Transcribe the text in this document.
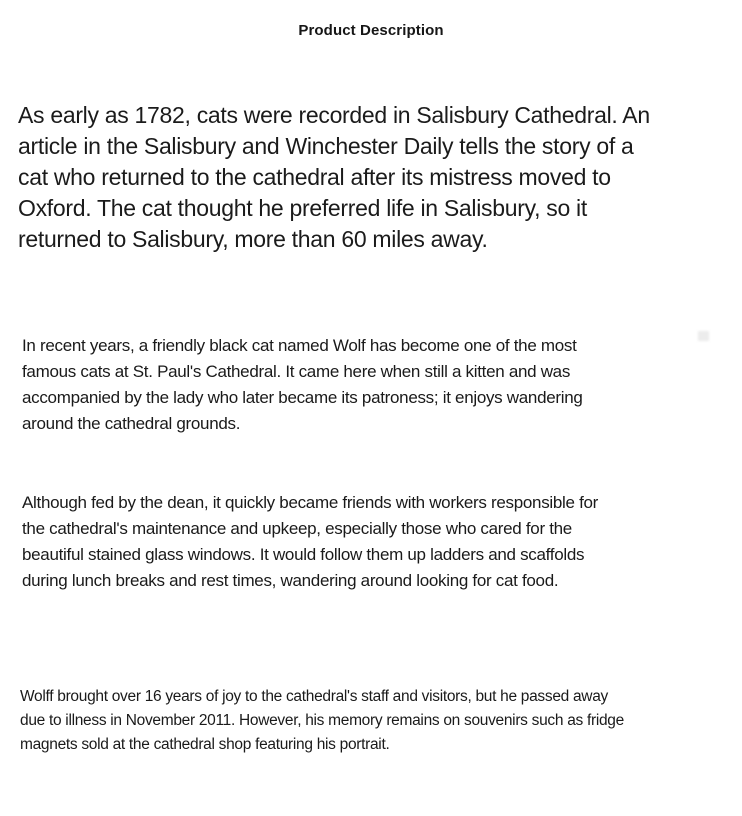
Product Description
As early as 1782, cats were recorded in Salisbury Cathedral. An
article in the Salisbury and Winchester Daily tells the story of a
cat who returned to the cathedral after its mistress moved to
Oxford. The cat thought he preferred life in Salisbury, so it
returned to Salisbury, more than 60 miles away.
In recent years, a friendly black cat named Wolf has become one of the most
famous cats at St. Paul's Cathedral. It came here when still a kitten and was
accompanied by the lady who later became its patroness; it enjoys wandering
around the cathedral grounds.
Although fed by the dean, it quickly became friends with workers responsible for
the cathedral's maintenance and upkeep, especially those who cared for the
beautiful stained glass windows. It would follow them up ladders and scaffolds
during lunch breaks and rest times, wandering around looking for cat food.
Wolff brought over 16 years of joy to the cathedral's staff and visitors, but he passed away
due to illness in November 2011. However, his memory remains on souvenirs such as fridge
magnets sold at the cathedral shop featuring his portrait.
